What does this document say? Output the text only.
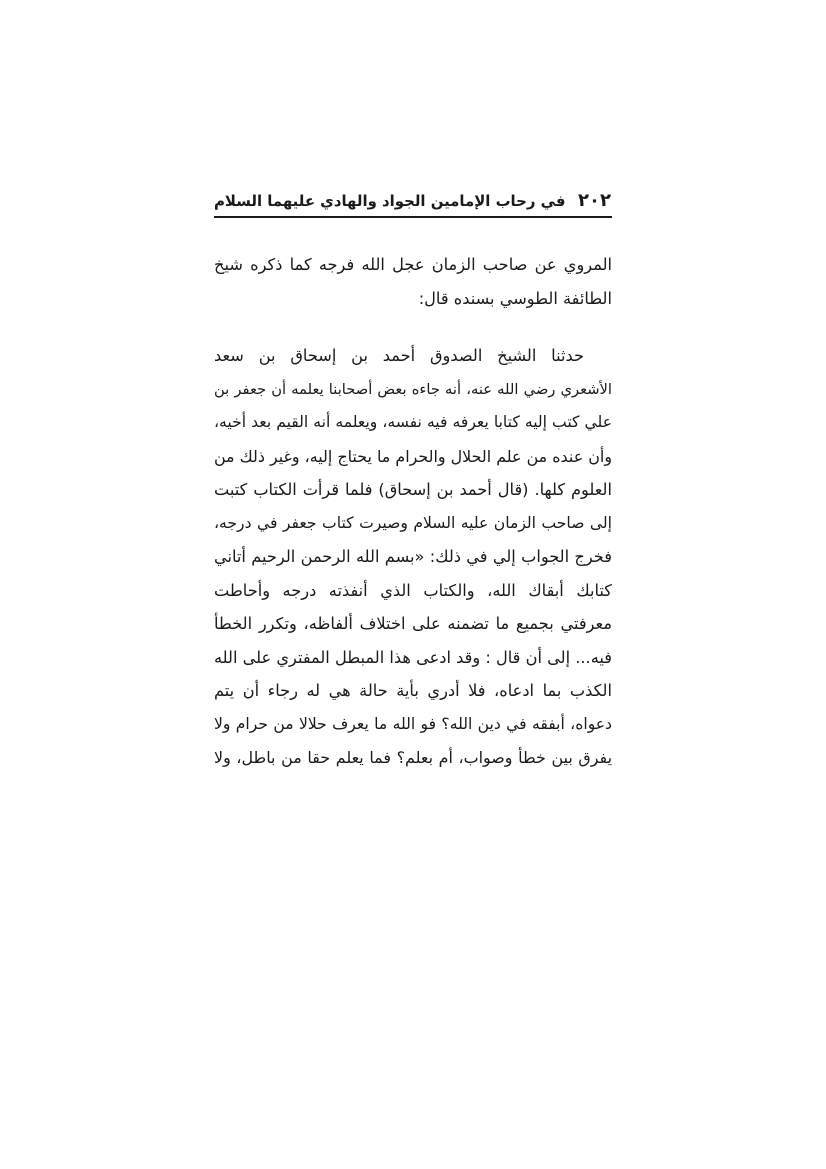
٢٠٢
في رحاب الإمامين الجواد والهادي عليهما السلام
المروي عن صاحب الزمان عجل الله فرجه كما ذكره شيخ
الطائفة الطوسي بسنده قال:
حدثنا الشيخ الصدوق أحمد بن إسحاق بن سعد
الأشعري رضي الله عنه، أنه جاءه بعض أصحابنا يعلمه أن جعفر بن
علي كتب إليه كتابا يعرفه فيه نفسه، ويعلمه أنه القيم بعد أخيه،
وأن عنده من علم الحلال والحرام ما يحتاج إليه، وغير ذلك من
العلوم كلها. (قال أحمد بن إسحاق) فلما قرأت الكتاب كتبت
إلى صاحب الزمان عليه السلام وصيرت كتاب جعفر في درجه،
فخرج الجواب إلي في ذلك: «بسم الله الرحمن الرحيم أتاني
كتابك أبقاك الله، والكتاب الذي أنفذته درجه وأحاطت
معرفتي بجميع ما تضمنه على اختلاف ألفاظه، وتكرر الخطأ
فيه... إلى أن قال : وقد ادعى هذا المبطل المفتري على الله
الكذب بما ادعاه، فلا أدري بأية حالة هي له رجاء أن يتم
دعواه، أبفقه في دين الله؟ فو الله ما يعرف حلالا من حرام ولا
يفرق بين خطأ وصواب، أم بعلم؟ فما يعلم حقا من باطل، ولا
